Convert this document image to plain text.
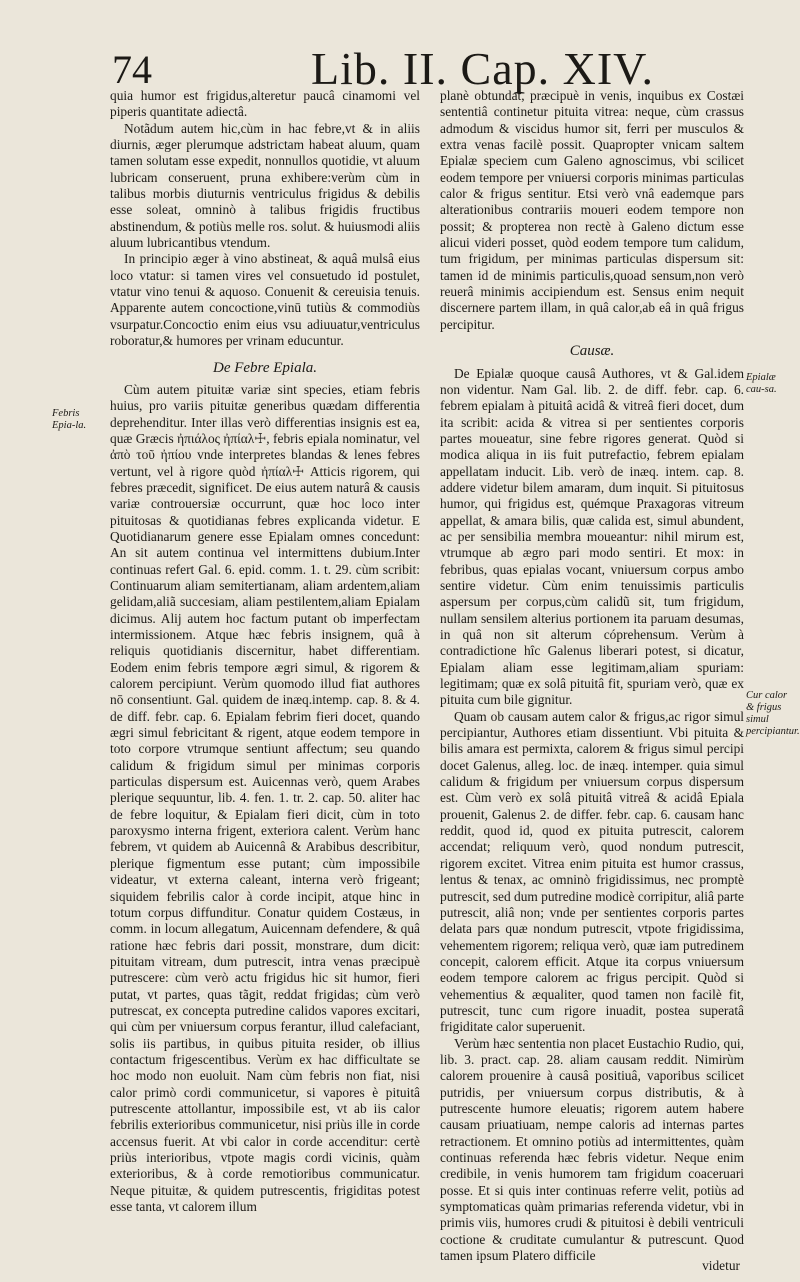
74	Lib. II. Cap. XIV.
Febris Epia-la.
Epialæ cau-sa.
Cur calor & frigus simul percipiantur.

quia humor est frigidus,alteretur paucâ cinamomi vel piperis quantitate adiectâ.

Notãdum autem hic,cùm in hac febre,vt & in aliis diurnis, æger plerumque adstrictam habeat aluum, quam tamen solutam esse expedit, nonnullos quotidie, vt aluum lubricam conseruent, pruna exhibere:verùm cùm in talibus morbis diuturnis ventriculus frigidus & debilis esse soleat, omninò à talibus frigidis fructibus abstinendum, & potiùs melle ros. solut. & huiusmodi aliis aluum lubricantibus vtendum.

In principio æger à vino abstineat, & aquâ mulsâ eius loco vtatur: si tamen vires vel consuetudo id postulet, vtatur vino tenui & aquoso. Conuenit & cereuisia tenuis. Apparente autem concoctione,vinū tutiùs & commodiùs vsurpatur.Concoctio enim eius vsu adiuuatur,ventriculus roboratur,& humores per vrinam educuntur.

De Febre Epiala.

Cùm autem pituitæ variæ sint species, etiam febris huius, pro variis pituitæ generibus quædam differentia deprehenditur. Inter illas verò differentias insignis est ea, quæ Græcis ἠπιάλος ἠπίαλ☩, febris epiala nominatur, vel ἀπὸ τοῦ ἠπίου vnde interpretes blandas & lenes febres vertunt, vel à rigore quòd ἠπίαλ☩ Atticis rigorem, qui febres præcedit, significet. De eius autem naturâ & causis variæ controuersiæ occurrunt, quæ hoc loco inter pituitosas & quotidianas febres explicanda videtur. E Quotidianarum genere esse Epialam omnes concedunt: An sit autem continua vel intermittens dubium.Inter continuas refert Gal. 6. epid. comm. 1. t. 29. cùm scribit: Continuarum aliam semitertianam, aliam ardentem,aliam gelidam,aliã succesiam, aliam pestilentem,aliam Epialam dicimus. Alij autem hoc factum putant ob imperfectam intermissionem. Atque hæc febris insignem, quâ à reliquis quotidianis discernitur, habet differentiam. Eodem enim febris tempore ægri simul, & rigorem & calorem percipiunt. Verùm quomodo illud fiat authores nō consentiunt. Gal. quidem de inæq.intemp. cap. 8. & 4. de diff. febr. cap. 6. Epialam febrim fieri docet, quando ægri simul febricitant & rigent, atque eodem tempore in toto corpore vtrumque sentiunt affectum; seu quando calidum & frigidum simul per minimas corporis particulas dispersum est. Auicennas verò, quem Arabes plerique sequuntur, lib. 4. fen. 1. tr. 2. cap. 50. aliter hac de febre loquitur, & Epialam fieri dicit, cùm in toto paroxysmo interna frigent, exteriora calent. Verùm hanc febrem, vt quidem ab Auicennâ & Arabibus describitur, plerique figmentum esse putant; cùm impossibile videatur, vt externa caleant, interna verò frigeant; siquidem febrilis calor à corde incipit, atque hinc in totum corpus diffunditur. Conatur quidem Costæus, in comm. in locum allegatum, Auicennam defendere, & quâ ratione hæc febris dari possit, monstrare, dum dicit: pituitam vitream, dum putrescit, intra venas præcipuè putrescere: cùm verò actu frigidus hic sit humor, fieri putat, vt partes, quas tãgit, reddat frigidas; cùm verò putrescat, ex concepta putredine calidos vapores excitari, qui cùm per vniuersum corpus ferantur, illud calefaciant, solis iis partibus, in quibus pituita resider, ob illius contactum frigescentibus. Verùm ex hac difficultate se hoc modo non euoluit. Nam cùm febris non fiat, nisi calor primò cordi communicetur, si vapores è pituitâ putrescente attollantur, impossibile est, vt ab iis calor febrilis exterioribus communicetur, nisi priùs ille in corde accensus fuerit. At vbi calor in corde accenditur: certè priùs interioribus, vtpote magis cordi vicinis, quàm exterioribus, & à corde remotioribus communicatur. Neque pituitæ, & quidem putrescentis, frigiditas potest esse tanta, vt calorem illum

planè obtundat, præcipuè in venis, inquibus ex Costæi sententiâ continetur pituita vitrea: neque, cùm crassus admodum & viscidus humor sit, ferri per musculos & extra venas facilè possit. Quapropter vnicam saltem Epialæ speciem cum Galeno agnoscimus, vbi scilicet eodem tempore per vniuersi corporis minimas particulas calor & frigus sentitur. Etsi verò vnâ eademque pars alterationibus contrariis moueri eodem tempore non possit; & propterea non rectè à Galeno dictum esse alicui videri posset, quòd eodem tempore tum calidum, tum frigidum, per minimas particulas dispersum sit: tamen id de minimis particulis,quoad sensum,non verò reuerâ minimis accipiendum est. Sensus enim nequit discernere partem illam, in quâ calor,ab eâ in quâ frigus percipitur.

Causæ.

De Epialæ quoque causâ Authores, vt & Gal.idem non videntur. Nam Gal. lib. 2. de diff. febr. cap. 6. febrem epialam à pituitâ acidâ & vitreâ fieri docet, dum ita scribit: acida & vitrea si per sentientes corporis partes moueatur, sine febre rigores generat. Quòd si modica aliqua in iis fuit putrefactio, febrem epialam appellatam inducit. Lib. verò de inæq. intem. cap. 8. addere videtur bilem amaram, dum inquit. Si pituitosus humor, qui frigidus est, quémque Praxagoras vitreum appellat, & amara bilis, quæ calida est, simul abundent, ac per sensibilia membra moueantur: nihil mirum est, vtrumque ab ægro pari modo sentiri. Et mox: in febribus, quas epialas vocant, vniuersum corpus ambo sentire videtur. Cùm enim tenuissimis particulis aspersum per corpus,cùm calidũ sit, tum frigidum, nullam sensilem alterius portionem ita paruam desumas, in quâ non sit alterum cóprehensum. Verùm à contradictione hîc Galenus liberari potest, si dicatur, Epialam aliam esse legitimam,aliam spuriam: legitimam; quæ ex solâ pituitâ fit, spuriam verò, quæ ex pituita cum bile gignitur.

Quam ob causam autem calor & frigus,ac rigor simul percipiantur, Authores etiam dissentiunt. Vbi pituita & bilis amara est permixta, calorem & frigus simul percipi docet Galenus, alleg. loc. de inæq. intemper. quia simul calidum & frigidum per vniuersum corpus dispersum est. Cùm verò ex solâ pituitâ vitreâ & acidâ Epiala prouenit, Galenus 2. de differ. febr. cap. 6. causam hanc reddit, quod id, quod ex pituita putrescit, calorem accendat; reliquum verò, quod nondum putrescit, rigorem excitet. Vitrea enim pituita est humor crassus, lentus & tenax, ac omninò frigidissimus, nec promptè putrescit, sed dum putredine modicè corripitur, aliâ parte putrescit, aliâ non; vnde per sentientes corporis partes delata pars quæ nondum putrescit, vtpote frigidissima, vehementem rigorem; reliqua verò, quæ iam putredinem concepit, calorem efficit. Atque ita corpus vniuersum eodem tempore calorem ac frigus percipit. Quòd si vehementius & æqualiter, quod tamen non facilè fit, putrescit, tunc cum rigore inuadit, postea superatâ frigiditate calor superuenit.

Verùm hæc sententia non placet Eustachio Rudio, qui, lib. 3. pract. cap. 28. aliam causam reddit. Nimirùm calorem prouenire à causâ positiuâ, vaporibus scilicet putridis, per vniuersum corpus distributis, & à putrescente humore eleuatis; rigorem autem habere causam priuatiuam, nempe caloris ad internas partes retractionem. Et omnino potiùs ad intermittentes, quàm continuas referenda hæc febris videtur. Neque enim credibile, in venis humorem tam frigidum coaceruari posse. Et si quis inter continuas referre velit, potiùs ad symptomaticas quàm primarias referenda videtur, vbi in primis viis, humores crudi & pituitosi è debili ventriculi coctione & cruditate cumulantur & putrescunt. Quod tamen ipsum Platero difficile

videtur
